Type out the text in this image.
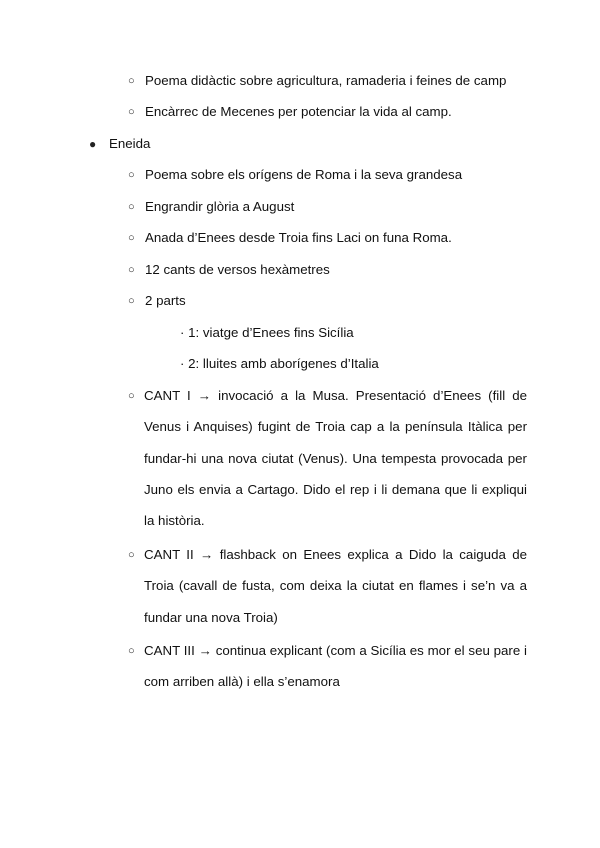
○ Poema didàctic sobre agricultura, ramaderia i feines de camp
○ Encàrrec de Mecenes per potenciar la vida al camp.
● Eneida
○ Poema sobre els orígens de Roma i la seva grandesa
○ Engrandir glòria a August
○ Anada d’Enees desde Troia fins Laci on funa Roma.
○ 12 cants de versos hexàmetres
○ 2 parts
· 1: viatge d’Enees fins Sicília
· 2: lluites amb aborígenes d’Italia
○ CANT I → invocació a la Musa. Presentació d’Enees (fill de Venus i Anquises) fugint de Troia cap a la península Itàlica per fundar-hi una nova ciutat (Venus). Una tempesta provocada per Juno els envia a Cartago. Dido el rep i li demana que li expliqui la història.
○ CANT II → flashback on Enees explica a Dido la caiguda de Troia (cavall de fusta, com deixa la ciutat en flames i se’n va a fundar una nova Troia)
○ CANT III → continua explicant (com a Sicília es mor el seu pare i com arriben allà) i ella s’enamora
